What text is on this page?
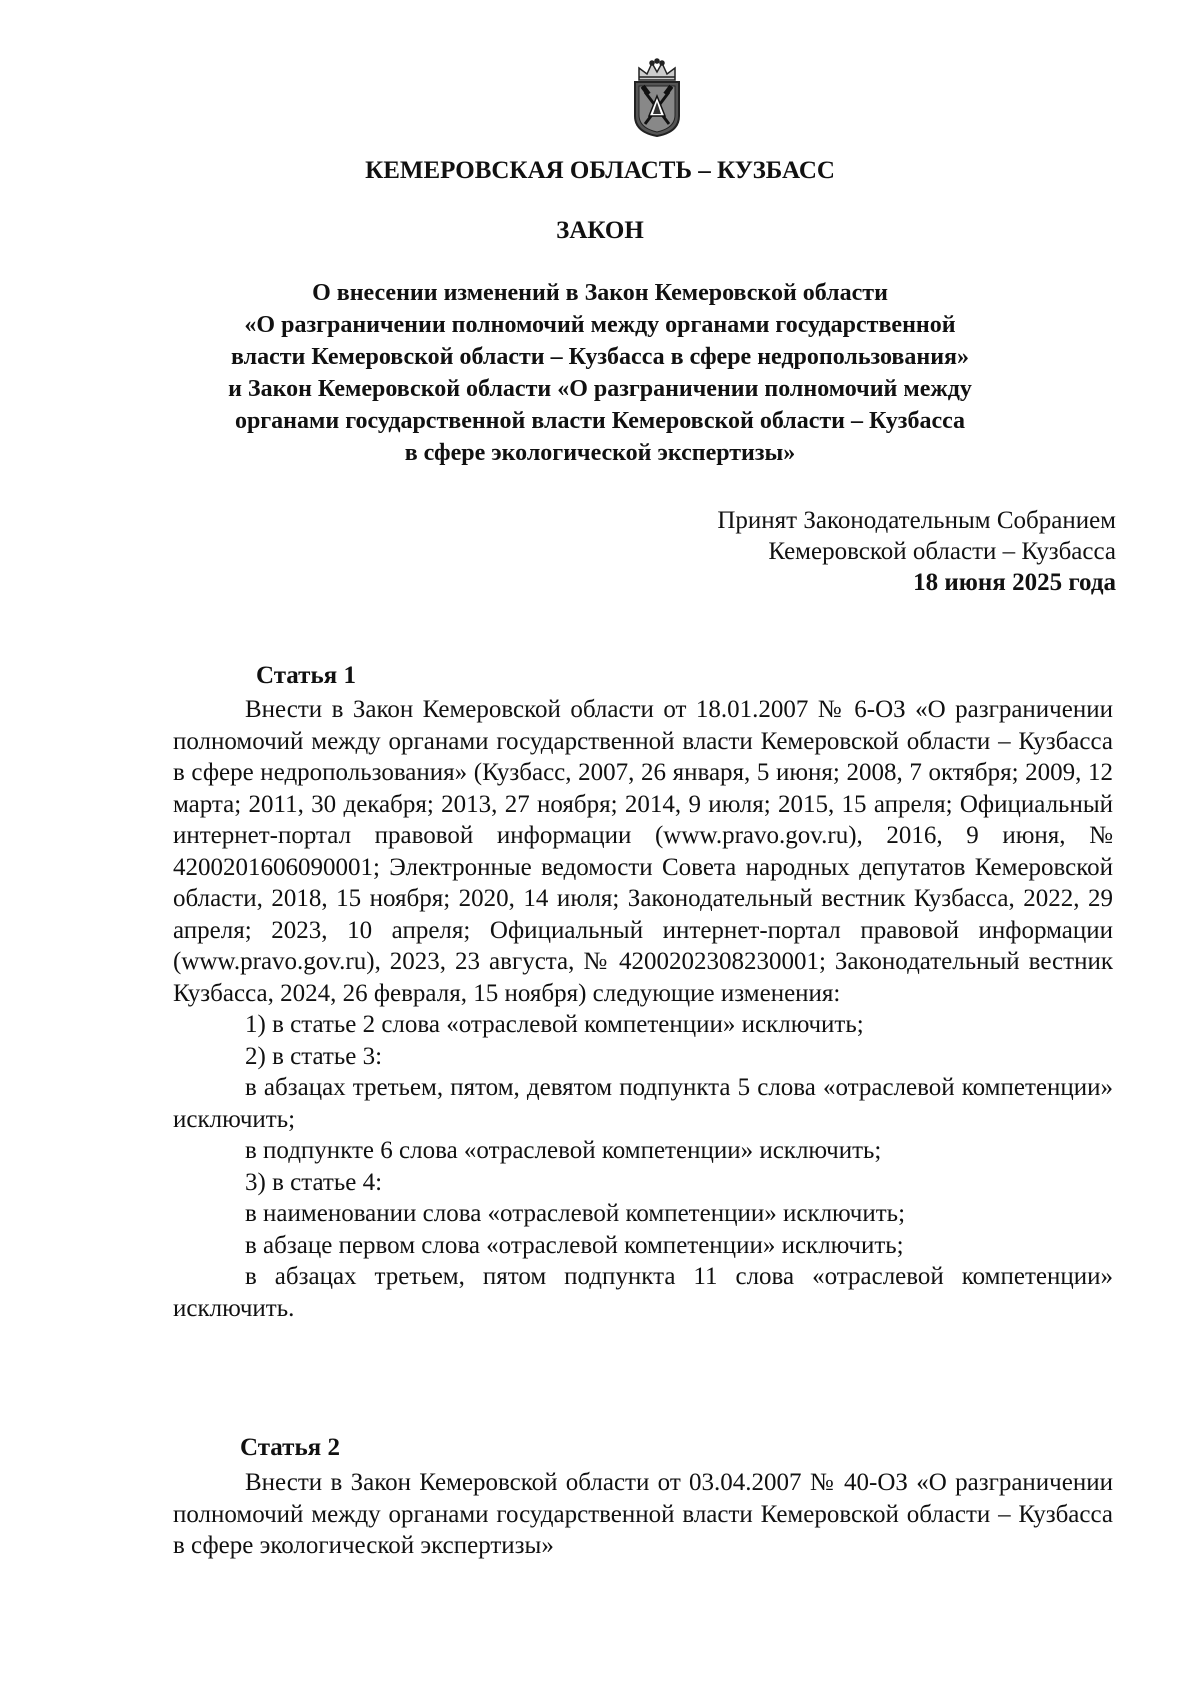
КЕМЕРОВСКАЯ ОБЛАСТЬ – КУЗБАСС
ЗАКОН
О внесении изменений в Закон Кемеровской области
«О разграничении полномочий между органами государственной
власти Кемеровской области – Кузбасса в сфере недропользования»
и Закон Кемеровской области «О разграничении полномочий между
органами государственной власти Кемеровской области – Кузбасса
в сфере экологической экспертизы»
Принят Законодательным Собранием
Кемеровской области – Кузбасса
18 июня 2025 года
Статья 1

Внести в Закон Кемеровской области от 18.01.2007 № 6-ОЗ «О разграничении полномочий между органами государственной власти Кемеровской области – Кузбасса в сфере недропользования» (Кузбасс, 2007, 26 января, 5 июня; 2008, 7 октября; 2009, 12 марта; 2011, 30 декабря; 2013, 27 ноября; 2014, 9 июля; 2015, 15 апреля; Официальный интернет-портал правовой информации (www.pravo.gov.ru), 2016, 9 июня, № 4200201606090001; Электронные ведомости Совета народных депутатов Кемеровской области, 2018, 15 ноября; 2020, 14 июля; Законодательный вестник Кузбасса, 2022, 29 апреля; 2023, 10 апреля; Официальный интернет-портал правовой информации (www.pravo.gov.ru), 2023, 23 августа, № 4200202308230001; Законодательный вестник Кузбасса, 2024, 26 февраля, 15 ноября) следующие изменения:

1) в статье 2 слова «отраслевой компетенции» исключить;

2) в статье 3:

в абзацах третьем, пятом, девятом подпункта 5 слова «отраслевой компетенции» исключить;

в подпункте 6 слова «отраслевой компетенции» исключить;

3) в статье 4:

в наименовании слова «отраслевой компетенции» исключить;

в абзаце первом слова «отраслевой компетенции» исключить;

в абзацах третьем, пятом подпункта 11 слова «отраслевой компетенции» исключить.

Статья 2

Внести в Закон Кемеровской области от 03.04.2007 № 40-ОЗ «О разграничении полномочий между органами государственной власти Кемеровской области – Кузбасса в сфере экологической экспертизы»
